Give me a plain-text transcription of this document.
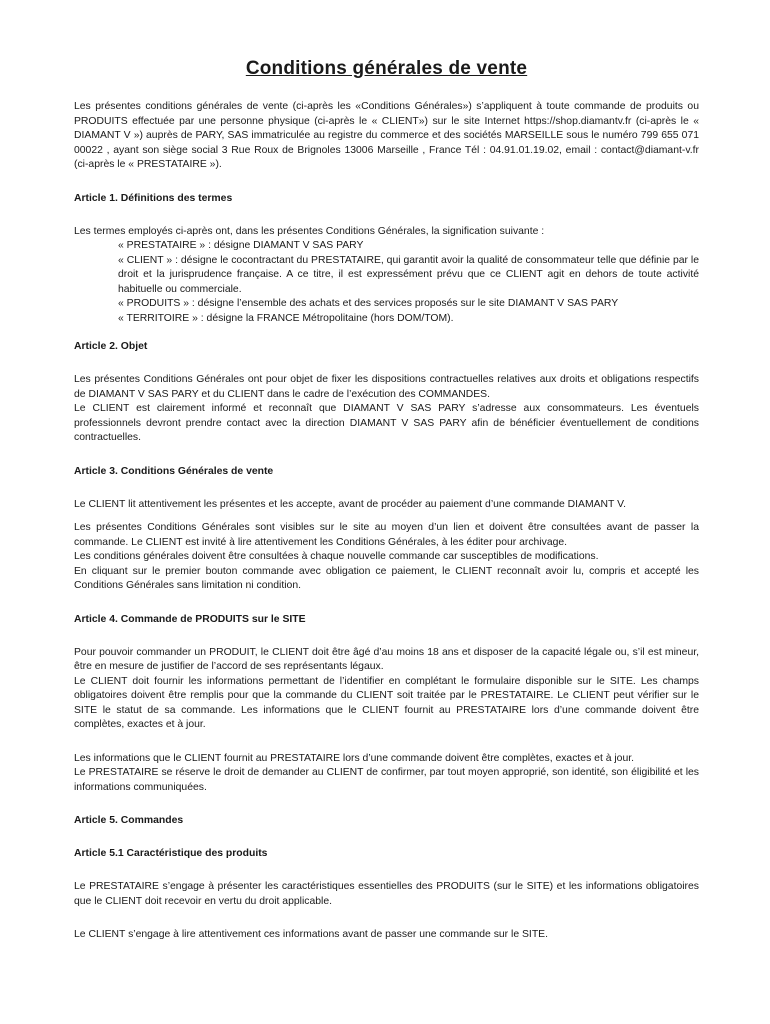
Conditions générales de vente

Les présentes conditions générales de vente (ci-après les «Conditions Générales») s’appliquent à toute commande de produits ou PRODUITS effectuée par une personne physique (ci-après le « CLIENT») sur le site Internet https://shop.diamantv.fr (ci-après le « DIAMANT V ») auprès de PARY, SAS immatriculée au registre du commerce et des sociétés MARSEILLE sous le numéro 799 655 071 00022 , ayant son siège social 3 Rue Roux de Brignoles 13006 Marseille , France Tél : 04.91.01.19.02, email : contact@diamant-v.fr (ci-après le « PRESTATAIRE »).

Article 1. Définitions des termes

Les termes employés ci-après ont, dans les présentes Conditions Générales, la signification suivante :

« PRESTATAIRE » : désigne DIAMANT V SAS PARY

« CLIENT » : désigne le cocontractant du PRESTATAIRE, qui garantit avoir la qualité de consommateur telle que définie par le droit et la jurisprudence française. A ce titre, il est expressément prévu que ce CLIENT agit en dehors de toute activité habituelle ou commerciale.

« PRODUITS » : désigne l’ensemble des achats et des services proposés sur le site DIAMANT V SAS PARY

« TERRITOIRE » : désigne la FRANCE Métropolitaine (hors DOM/TOM).

Article 2. Objet

Les présentes Conditions Générales ont pour objet de fixer les dispositions contractuelles relatives aux droits et obligations respectifs de DIAMANT V SAS PARY et du CLIENT dans le cadre de l’exécution des COMMANDES.

Le CLIENT est clairement informé et reconnaît que DIAMANT V SAS PARY s’adresse aux consommateurs. Les éventuels professionnels devront prendre contact avec la direction DIAMANT V SAS PARY afin de bénéficier éventuellement de conditions contractuelles.

Article 3. Conditions Générales de vente

Le CLIENT lit attentivement les présentes et les accepte, avant de procéder au paiement d’une commande DIAMANT V.

Les présentes Conditions Générales sont visibles sur le site au moyen d’un lien et doivent être consultées avant de passer la commande. Le CLIENT est invité à lire attentivement les Conditions Générales, à les éditer pour archivage.

Les conditions générales doivent être consultées à chaque nouvelle commande car susceptibles de modifications.

En cliquant sur le premier bouton commande avec obligation ce paiement, le CLIENT reconnaît avoir lu, compris et accepté les Conditions Générales sans limitation ni condition.

Article 4. Commande de PRODUITS sur le SITE

Pour pouvoir commander un PRODUIT, le CLIENT doit être âgé d’au moins 18 ans et disposer de la capacité légale ou, s’il est mineur, être en mesure de justifier de l’accord de ses représentants légaux.

Le CLIENT doit fournir les informations permettant de l’identifier en complétant le formulaire disponible sur le SITE. Les champs obligatoires doivent être remplis pour que la commande du CLIENT soit traitée par le PRESTATAIRE. Le CLIENT peut vérifier sur le SITE le statut de sa commande. Les informations que le CLIENT fournit au PRESTATAIRE lors d’une commande doivent être complètes, exactes et à jour.

Les informations que le CLIENT fournit au PRESTATAIRE lors d’une commande doivent être complètes, exactes et à jour.

Le PRESTATAIRE se réserve le droit de demander au CLIENT de confirmer, par tout moyen approprié, son identité, son éligibilité et les informations communiquées.

Article 5. Commandes
Article 5.1 Caractéristique des produits

Le PRESTATAIRE s’engage à présenter les caractéristiques essentielles des PRODUITS (sur le SITE) et les informations obligatoires que le CLIENT doit recevoir en vertu du droit applicable.

Le CLIENT s’engage à lire attentivement ces informations avant de passer une commande sur le SITE.
